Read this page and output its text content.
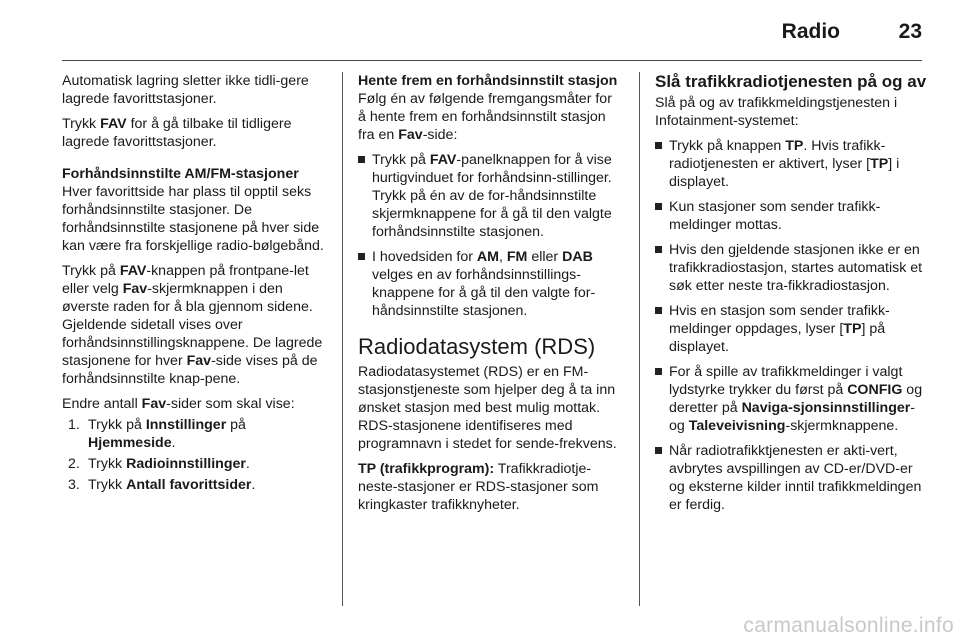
Radio	23

Automatisk lagring sletter ikke tidli-gere lagrede favorittstasjoner.

Trykk FAV for å gå tilbake til tidligere lagrede favorittstasjoner.

Forhåndsinnstilte AM/FM-stasjoner

Hver favorittside har plass til opptil seks forhåndsinnstilte stasjoner. De forhåndsinnstilte stasjonene på hver side kan være fra forskjellige radio-bølgebånd.

Trykk på FAV-knappen på frontpane-let eller velg Fav-skjermknappen i den øverste raden for å bla gjennom sidene. Gjeldende sidetall vises over forhåndsinnstillingsknappene. De lagrede stasjonene for hver Fav-side vises på de forhåndsinnstilte knap-pene.

Endre antall Fav-sider som skal vise:

1. Trykk på Innstillinger på Hjemmeside.
2. Trykk Radioinnstillinger.
3. Trykk Antall favorittsider.
Hente frem en forhåndsinnstilt stasjon

Følg én av følgende fremgangsmåter for å hente frem en forhåndsinnstilt stasjon fra en Fav-side:

Trykk på FAV-panelknappen for å vise hurtigvinduet for forhåndsinn-stillinger. Trykk på én av de for-håndsinnstilte skjermknappene for å gå til den valgte forhåndsinnstilte stasjonen.
I hovedsiden for AM, FM eller DAB velges en av forhåndsinnstillings-knappene for å gå til den valgte for-håndsinnstilte stasjonen.
Radiodatasystem (RDS)

Radiodatasystemet (RDS) er en FM-stasjonstjeneste som hjelper deg å ta inn ønsket stasjon med best mulig mottak. RDS-stasjonene identifiseres med programnavn i stedet for sende-frekvens.

TP (trafikkprogram): Trafikkradiotje-neste-stasjoner er RDS-stasjoner som kringkaster trafikknyheter.

Slå trafikkradiotjenesten på og av

Slå på og av trafikkmeldingstjenesten i Infotainment-systemet:

Trykk på knappen TP. Hvis trafikk-radiotjenesten er aktivert, lyser [TP] i displayet.
Kun stasjoner som sender trafikk-meldinger mottas.
Hvis den gjeldende stasjonen ikke er en trafikkradiostasjon, startes automatisk et søk etter neste tra-fikkradiostasjon.
Hvis en stasjon som sender trafikk-meldinger oppdages, lyser [TP] på displayet.
For å spille av trafikkmeldinger i valgt lydstyrke trykker du først på CONFIG og deretter på Naviga-sjonsinnstillinger- og Taleveivisning-skjermknappene.
Når radiotrafikktjenesten er akti-vert, avbrytes avspillingen av CD-er/DVD-er og eksterne kilder inntil trafikkmeldingen er ferdig.
carmanualsonline.info
